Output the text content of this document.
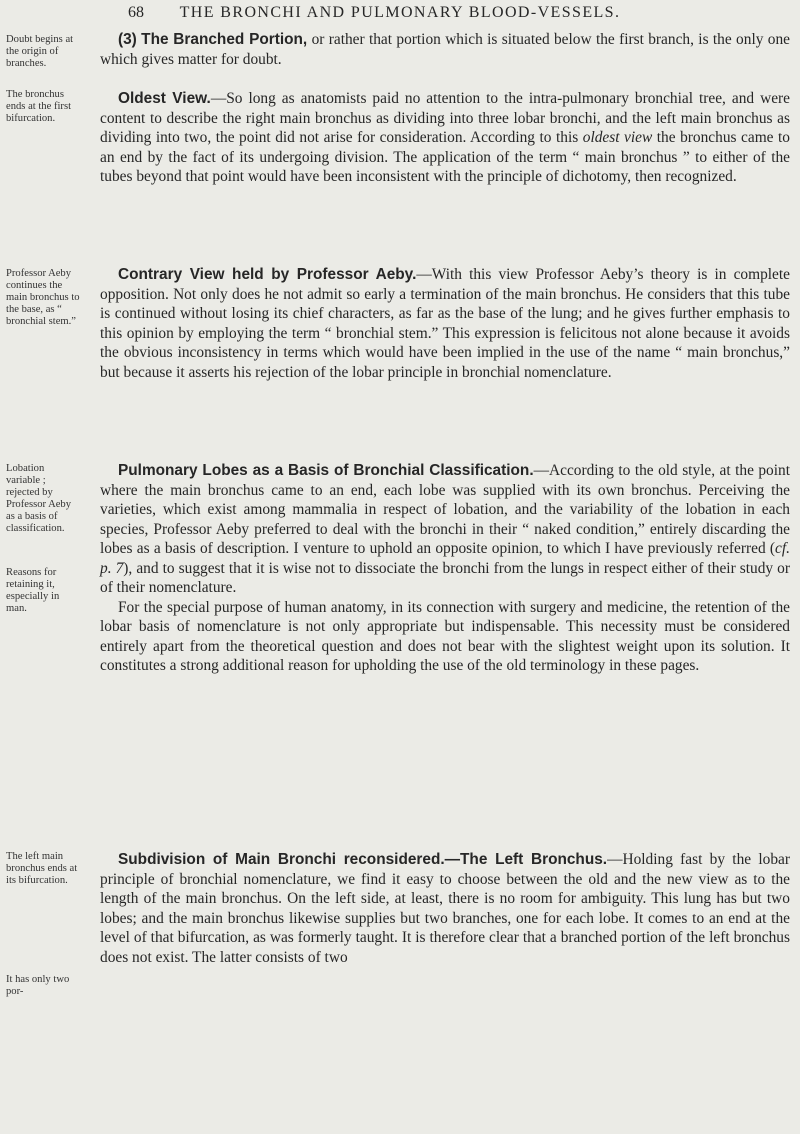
68 THE BRONCHI AND PULMONARY BLOOD-VESSELS.
Doubt begins at the origin of branches.
The bronchus ends at the first bifurcation.
Professor Aeby continues the main bronchus to the base, as “ bronchial stem.”
Lobation variable ; rejected by Professor Aeby as a basis of classification.
Reasons for retaining it, especially in man.
The left main bronchus ends at its bifurcation.
It has only two por-

(3) The Branched Portion, or rather that portion which is situated below the first branch, is the only one which gives matter for doubt.

Oldest View.—So long as anatomists paid no attention to the intra-pulmonary bronchial tree, and were content to describe the right main bronchus as dividing into three lobar bronchi, and the left main bronchus as dividing into two, the point did not arise for consideration. According to this oldest view the bronchus came to an end by the fact of its undergoing division. The application of the term “ main bronchus ” to either of the tubes beyond that point would have been inconsistent with the principle of dichotomy, then recognized.

Contrary View held by Professor Aeby.—With this view Professor Aeby’s theory is in complete opposition. Not only does he not admit so early a termination of the main bronchus. He considers that this tube is continued without losing its chief characters, as far as the base of the lung; and he gives further emphasis to this opinion by employing the term “ bronchial stem.” This expression is felicitous not alone because it avoids the obvious inconsistency in terms which would have been implied in the use of the name “ main bronchus,” but because it asserts his rejection of the lobar principle in bronchial nomenclature.

Pulmonary Lobes as a Basis of Bronchial Classification.—According to the old style, at the point where the main bronchus came to an end, each lobe was supplied with its own bronchus. Perceiving the varieties, which exist among mammalia in respect of lobation, and the variability of the lobation in each species, Professor Aeby preferred to deal with the bronchi in their “ naked condition,” entirely discarding the lobes as a basis of description. I venture to uphold an opposite opinion, to which I have previously referred (cf. p. 7), and to suggest that it is wise not to dissociate the bronchi from the lungs in respect either of their study or of their nomenclature.

For the special purpose of human anatomy, in its connection with surgery and medicine, the retention of the lobar basis of nomenclature is not only appropriate but indispensable. This necessity must be considered entirely apart from the theoretical question and does not bear with the slightest weight upon its solution. It constitutes a strong additional reason for upholding the use of the old terminology in these pages.

Subdivision of Main Bronchi reconsidered.—The Left Bronchus.—Holding fast by the lobar principle of bronchial nomenclature, we find it easy to choose between the old and the new view as to the length of the main bronchus. On the left side, at least, there is no room for ambiguity. This lung has but two lobes; and the main bronchus likewise supplies but two branches, one for each lobe. It comes to an end at the level of that bifurcation, as was formerly taught. It is therefore clear that a branched portion of the left bronchus does not exist. The latter consists of two
